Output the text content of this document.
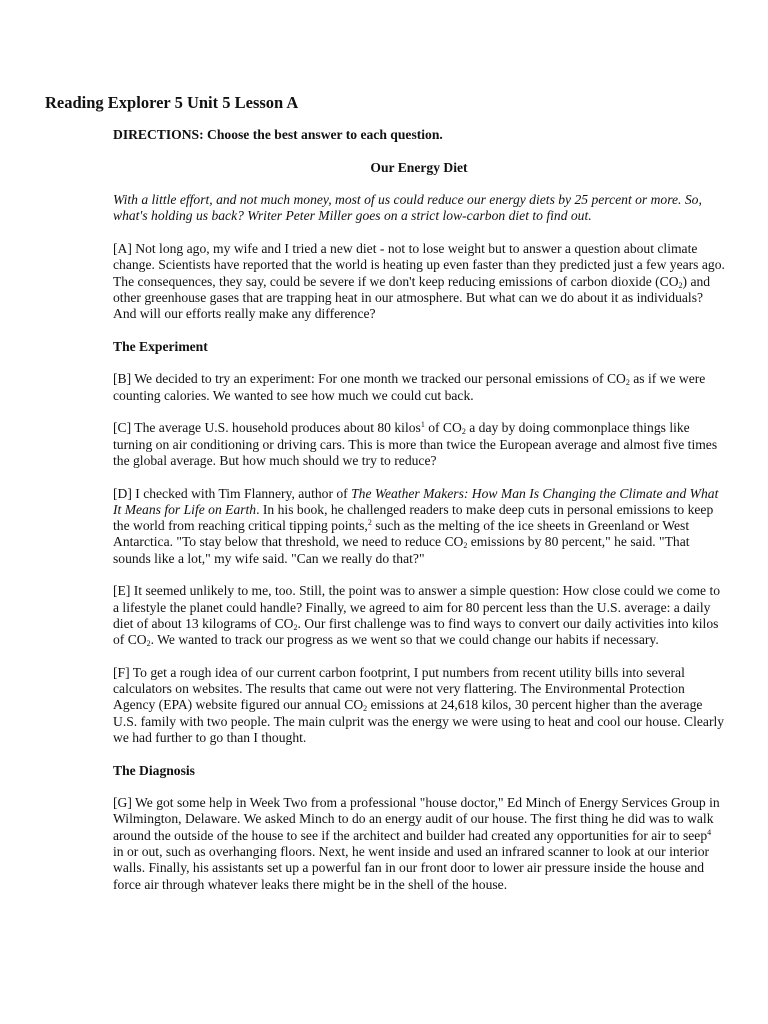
Reading Explorer 5 Unit 5 Lesson A

DIRECTIONS: Choose the best answer to each question.

Our Energy Diet

With a little effort, and not much money, most of us could reduce our energy diets by 25 percent or more. So, what's holding us back? Writer Peter Miller goes on a strict low-carbon diet to find out.

[A] Not long ago, my wife and I tried a new diet - not to lose weight but to answer a question about climate change. Scientists have reported that the world is heating up even faster than they predicted just a few years ago. The consequences, they say, could be severe if we don't keep reducing emissions of carbon dioxide $(CO_2)$ and other greenhouse gases that are trapping heat in our atmosphere. But what can we do about it as individuals? And will our efforts really make any difference?

The Experiment

[B] We decided to try an experiment: For one month we tracked our personal emissions of $CO_2$ as if we were counting calories. We wanted to see how much we could cut back.

[C] The average U.S. household produces about 80 kilos$^1$ of $CO_2$ a day by doing commonplace things like turning on air conditioning or driving cars. This is more than twice the European average and almost five times the global average. But how much should we try to reduce?

[D] I checked with Tim Flannery, author of The Weather Makers: How Man Is Changing the Climate and What It Means for Life on Earth. In his book, he challenged readers to make deep cuts in personal emissions to keep the world from reaching critical tipping points,$^2$ such as the melting of the ice sheets in Greenland or West Antarctica. "To stay below that threshold, we need to reduce $CO_2$ emissions by 80 percent," he said. "That sounds like a lot," my wife said. "Can we really do that?"

[E] It seemed unlikely to me, too. Still, the point was to answer a simple question: How close could we come to a lifestyle the planet could handle? Finally, we agreed to aim for 80 percent less than the U.S. average: a daily diet of about 13 kilograms of $CO_2$. Our first challenge was to find ways to convert our daily activities into kilos of $CO_2$. We wanted to track our progress as we went so that we could change our habits if necessary.

[F] To get a rough idea of our current carbon footprint, I put numbers from recent utility bills into several calculators on websites. The results that came out were not very flattering. The Environmental Protection Agency (EPA) website figured our annual $CO_2$ emissions at 24,618 kilos, 30 percent higher than the average U.S. family with two people. The main culprit was the energy we were using to heat and cool our house. Clearly we had further to go than I thought.

The Diagnosis

[G] We got some help in Week Two from a professional "house doctor," Ed Minch of Energy Services Group in Wilmington, Delaware. We asked Minch to do an energy audit of our house. The first thing he did was to walk around the outside of the house to see if the architect and builder had created any opportunities for air to seep$^4$ in or out, such as overhanging floors. Next, he went inside and used an infrared scanner to look at our interior walls. Finally, his assistants set up a powerful fan in our front door to lower air pressure inside the house and force air through whatever leaks there might be in the shell of the house.
